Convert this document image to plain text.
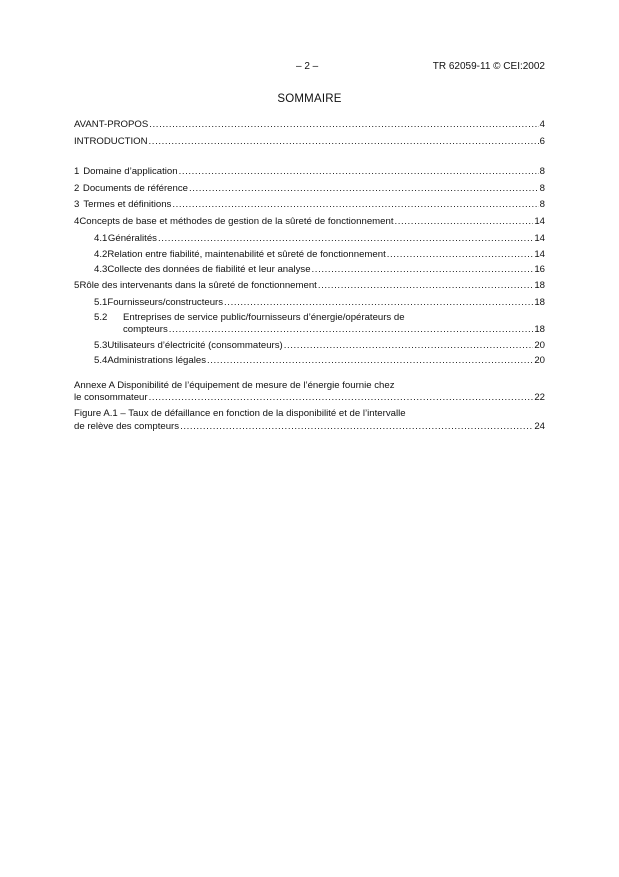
– 2 –	TR 62059-11 © CEI:2002
SOMMAIRE
AVANT-PROPOS .....	4
INTRODUCTION .....	6
1 Domaine d’application .....	8
2 Documents de référence .....	8
3 Termes et définitions .....	8
4 Concepts de base et méthodes de gestion de la sûreté de fonctionnement .....	14
4.1 Généralités .....	14
4.2 Relation entre fiabilité, maintenabilité et sûreté de fonctionnement .....	14
4.3 Collecte des données de fiabilité et leur analyse .....	16
5 Rôle des intervenants dans la sûreté de fonctionnement .....	18
5.1 Fournisseurs/constructeurs .....	18
5.2	Entreprises de service public/fournisseurs d’énergie/opérateurs de
compteurs .....	18
5.3 Utilisateurs d’électricité (consommateurs) .....	20
5.4 Administrations légales .....	20
Annexe A Disponibilité de l’équipement de mesure de l’énergie fournie chez
le consommateur .....	22
Figure A.1 – Taux de défaillance en fonction de la disponibilité et de l’intervalle
de relève des compteurs .....	24
